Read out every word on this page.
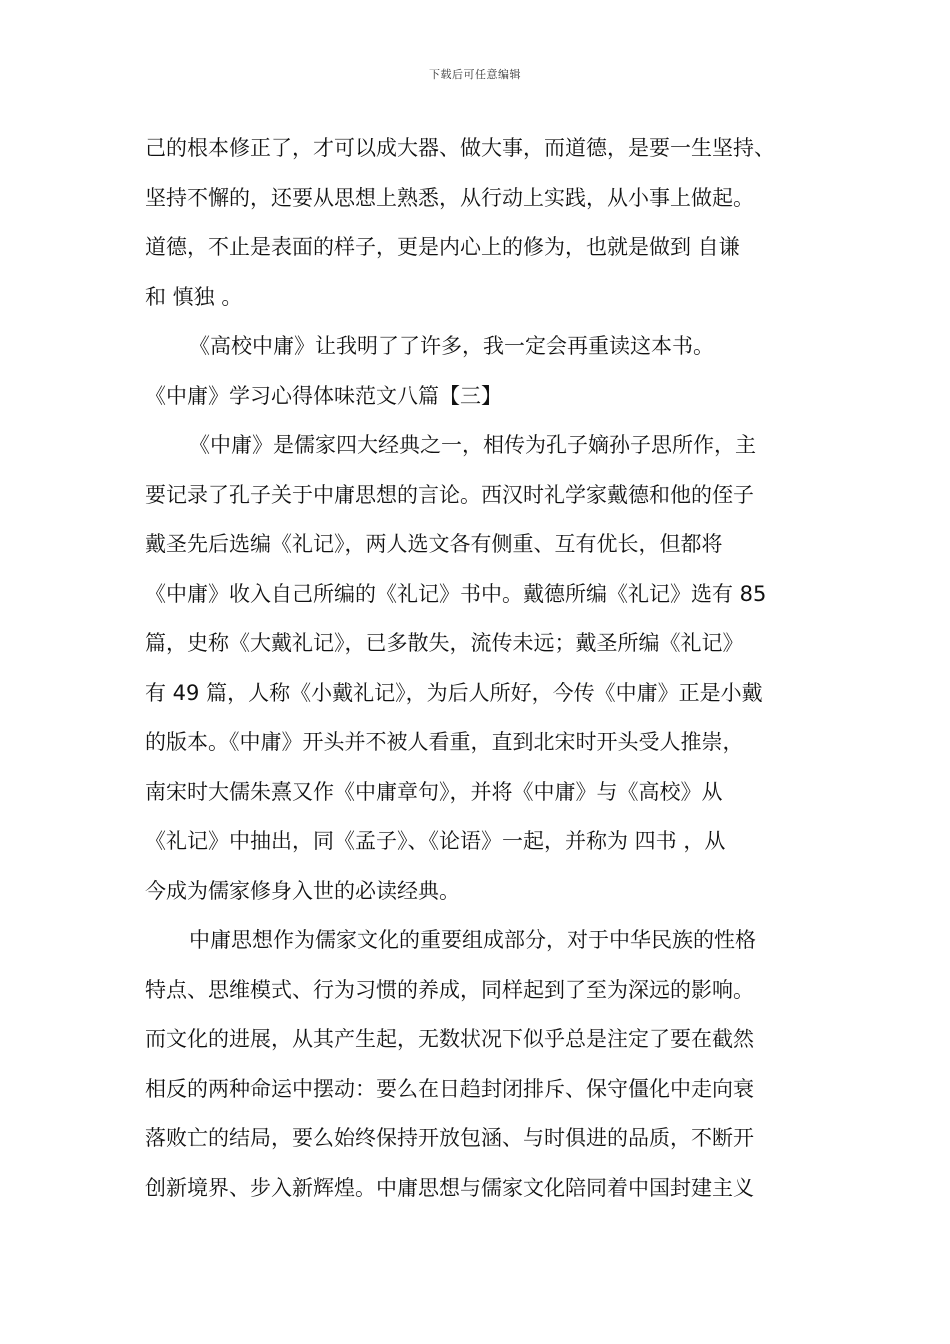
下载后可任意编辑
己的根本修正了，才可以成大器、做大事，而道德，是要一生坚持、
坚持不懈的，还要从思想上熟悉，从行动上实践，从小事上做起。
道德，不止是表面的样子，更是内心上的修为，也就是做到 自谦
和 慎独 。
《高校中庸》让我明了了许多，我一定会再重读这本书。
《中庸》学习心得体味范文八篇【三】
《中庸》是儒家四大经典之一，相传为孔子嫡孙子思所作，主
要记录了孔子关于中庸思想的言论。西汉时礼学家戴德和他的侄子
戴圣先后选编《礼记》，两人选文各有侧重、互有优长，但都将
《中庸》收入自己所编的《礼记》书中。戴德所编《礼记》选有 85
篇，史称《大戴礼记》，已多散失，流传未远；戴圣所编《礼记》
有 49 篇，人称《小戴礼记》，为后人所好，今传《中庸》正是小戴
的版本。《中庸》开头并不被人看重，直到北宋时开头受人推崇，
南宋时大儒朱熹又作《中庸章句》，并将《中庸》与《高校》从
《礼记》中抽出，同《孟子》、《论语》一起，并称为 四书 ，从
今成为儒家修身入世的必读经典。
中庸思想作为儒家文化的重要组成部分，对于中华民族的性格
特点、思维模式、行为习惯的养成，同样起到了至为深远的影响。
而文化的进展，从其产生起，无数状况下似乎总是注定了要在截然
相反的两种命运中摆动：要么在日趋封闭排斥、保守僵化中走向衰
落败亡的结局，要么始终保持开放包涵、与时俱进的品质，不断开
创新境界、步入新辉煌。中庸思想与儒家文化陪同着中国封建主义
